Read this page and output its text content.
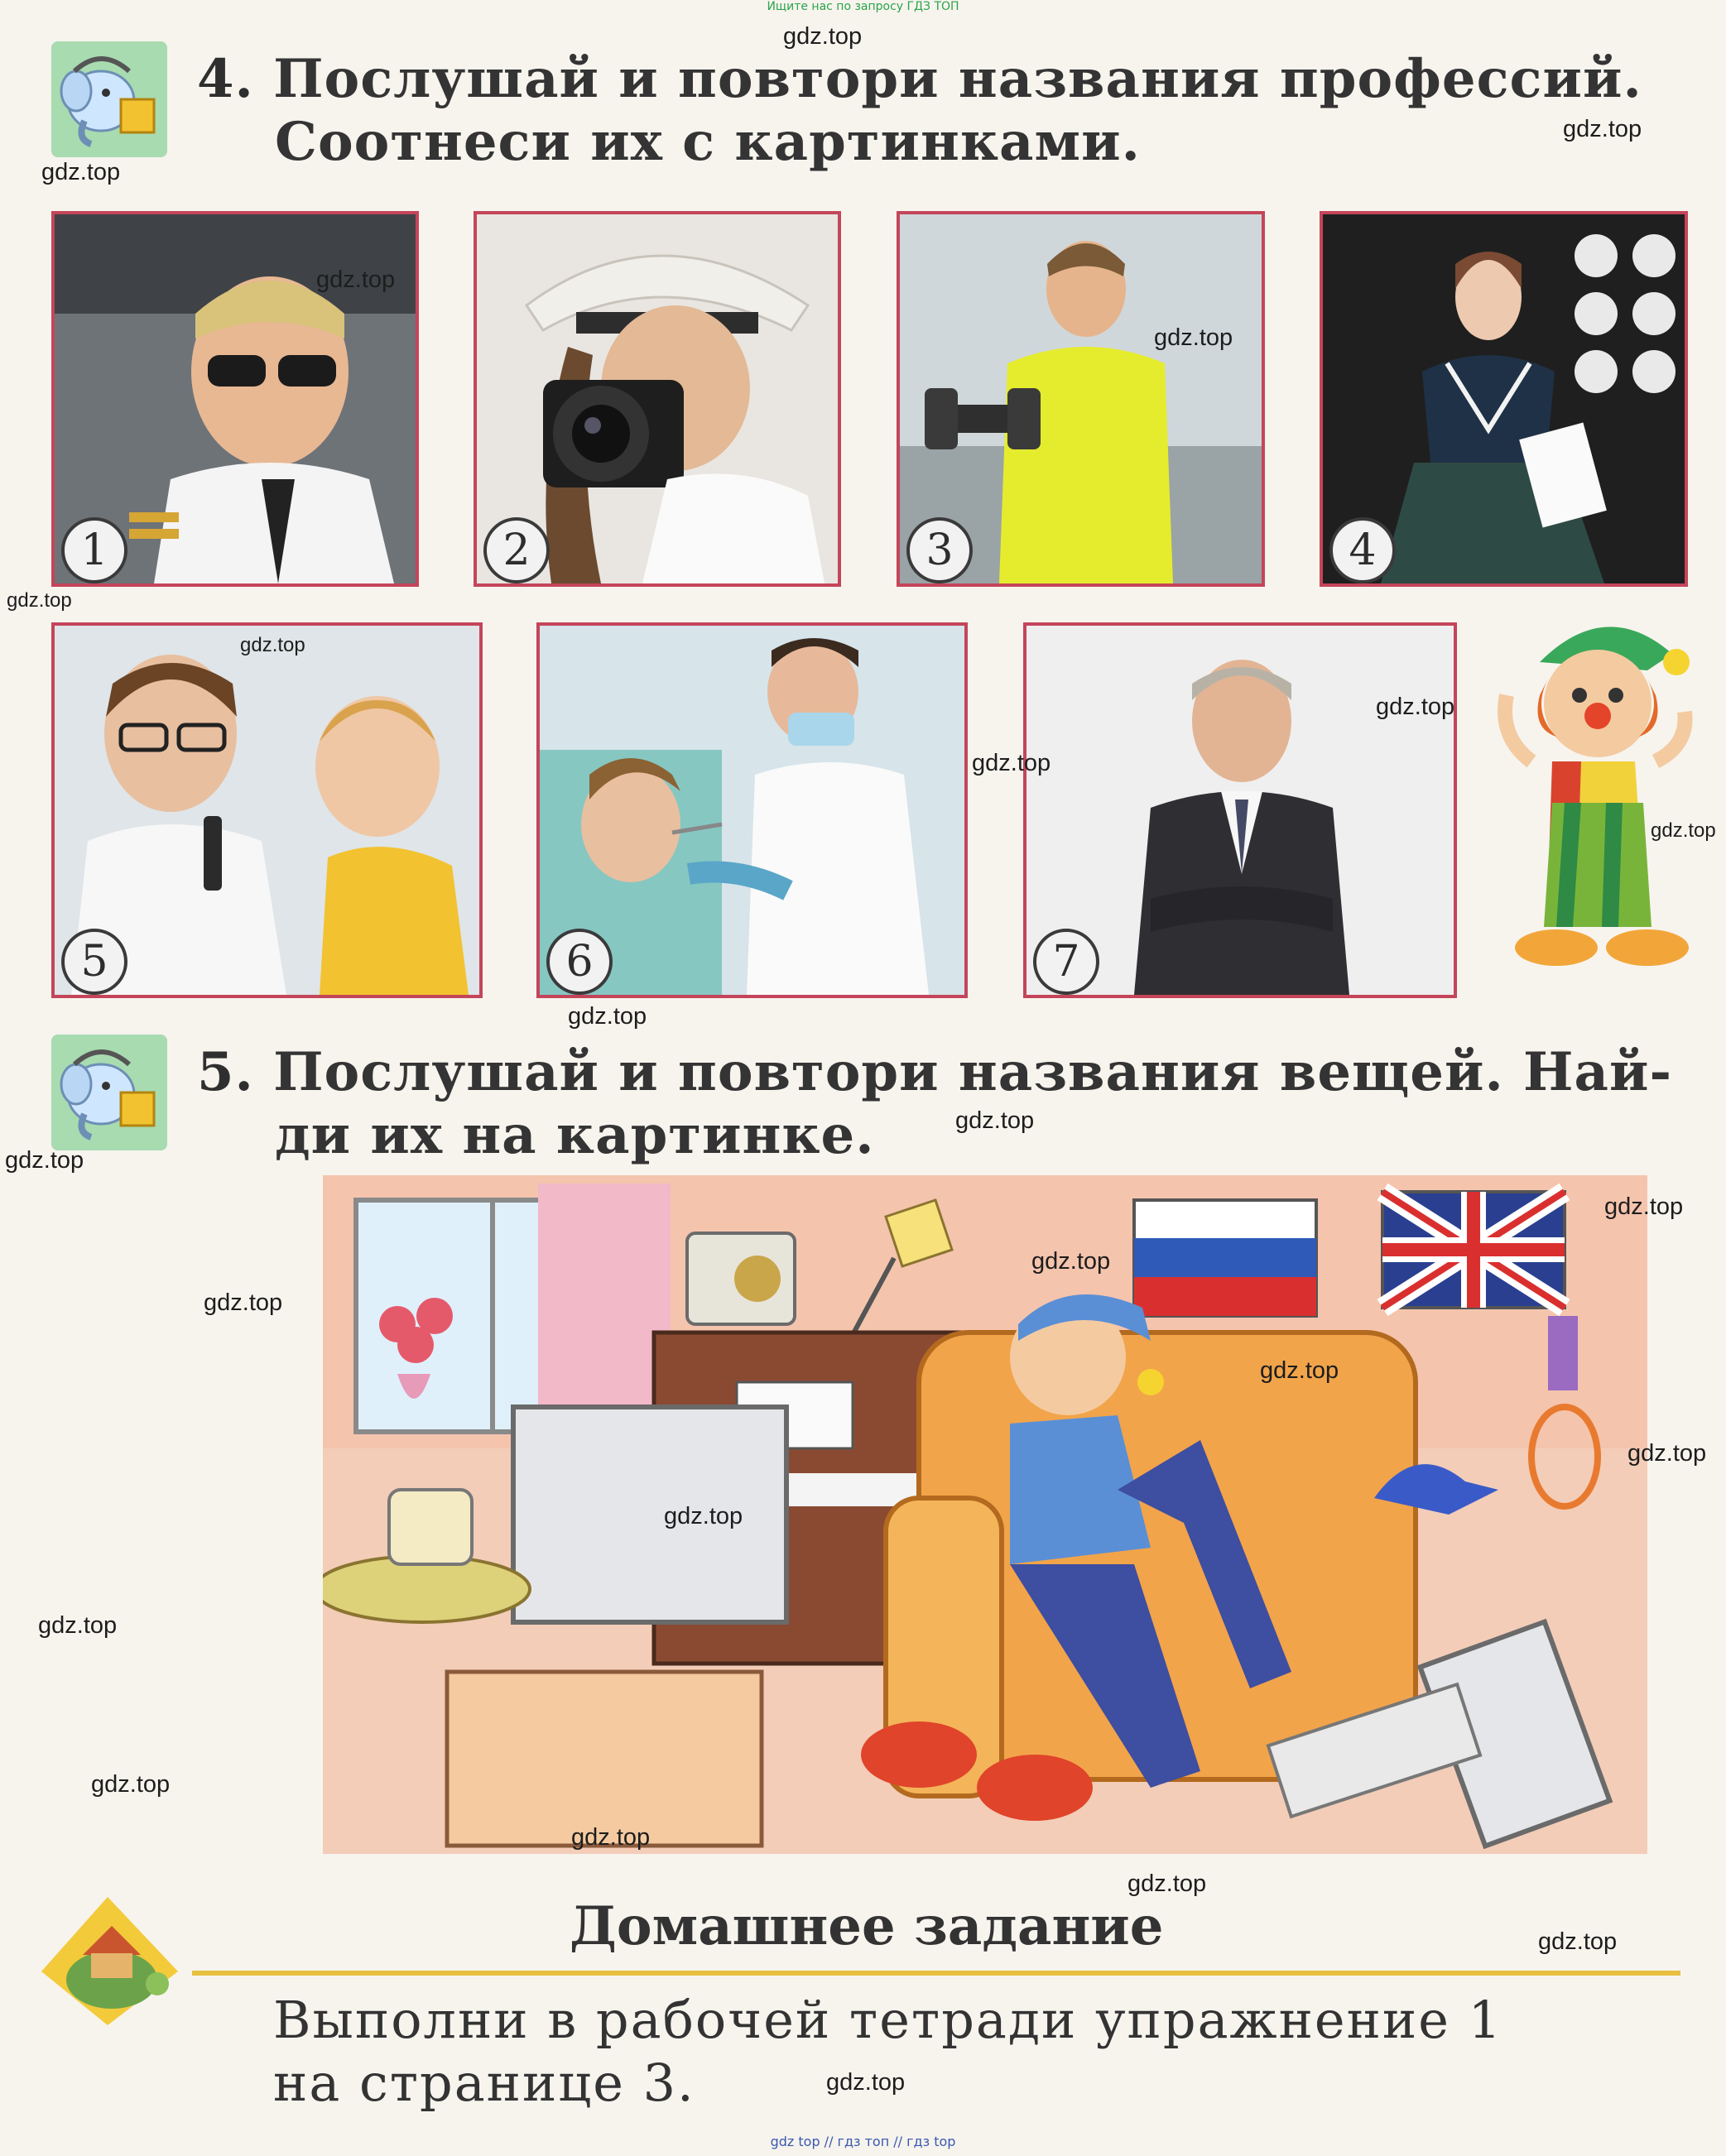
Ищите нас по запросу ГДЗ ТОП
gdz top // гдз топ // гдз top
4. Послушай и повтори названия профессий.
Соотнеси их с картинками.
1	2	3	4
5	6	7
5. Послушай и повтори названия вещей. Най-
ди их на картинке.
Домашнее задание
Выполни в рабочей тетради упражнение 1
на странице 3.
gdz.top
gdz.top
gdz.top
gdz.top
gdz.top
gdz.top
gdz.top
gdz.top
gdz.top
gdz.top
gdz.top
gdz.top
gdz.top
gdz.top
gdz.top
gdz.top
gdz.top
gdz.top
gdz.top
gdz.top
gdz.top
gdz.top
gdz.top
gdz.top
gdz.top
